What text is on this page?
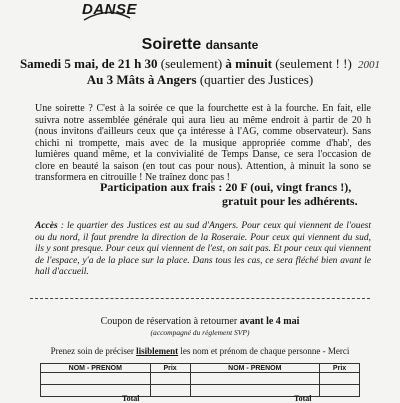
DANSE
Soirette dansante
Samedi 5 mai, de 21 h 30 (seulement) à minuit (seulement ! !) 2001
Au 3 Mâts à Angers (quartier des Justices)
Une soirette ? C'est à la soirée ce que la fourchette est à la fourche. En fait, elle suivra notre assemblée générale qui aura lieu au même endroit à partir de 20 h (nous invitons d'ailleurs ceux que ça intéresse à l'AG, comme observateur). Sans chichi ni trompette, mais avec de la musique appropriée comme d'hab', des lumières quand même, et la convivialité de Temps Danse, ce sera l'occasion de clore en beauté la saison (en tout cas pour nous). Attention, à minuit la sono se transformera en citrouille ! Ne traînez donc pas !
Participation aux frais : 20 F (oui, vingt francs !),
gratuit pour les adhérents.
Accès : le quartier des Justices est au sud d'Angers. Pour ceux qui viennent de l'ouest ou du nord, il faut prendre la direction de la Roseraie. Pour ceux qui viennent du sud, ils y sont presque. Pour ceux qui viennent de l'est, on sait pas. Et pour ceux qui viennent de l'espace, y'a de la place sur la place. Dans tous les cas, ce sera fléché bien avant le hall d'accueil.
Coupon de réservation à retourner avant le 4 mai
(accompagné du règlement SVP)
Prenez soin de préciser lisiblement les nom et prénom de chaque personne - Merci
NOM - PRENOM	Prix	NOM - PRENOM	Prix

Total	Total
